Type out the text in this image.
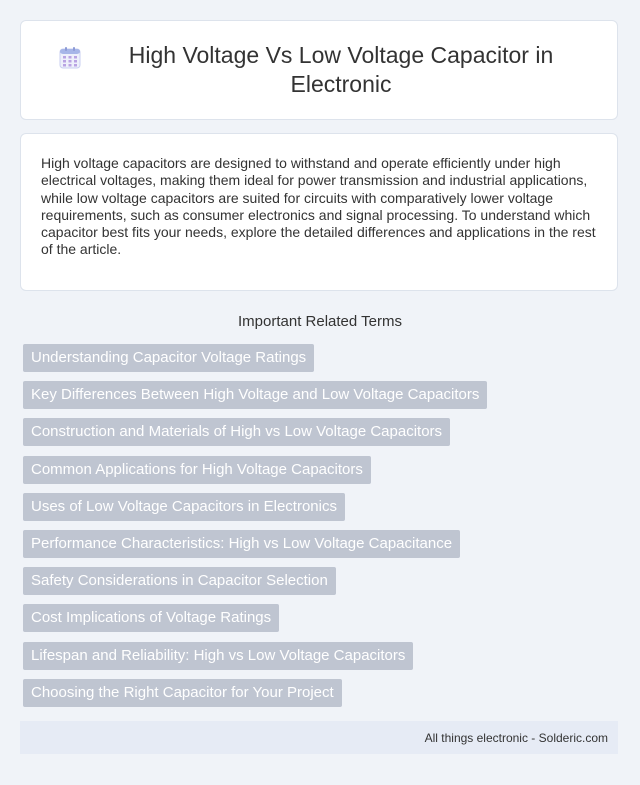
High Voltage Vs Low Voltage Capacitor in Electronic

High voltage capacitors are designed to withstand and operate efficiently under high electrical voltages, making them ideal for power transmission and industrial applications, while low voltage capacitors are suited for circuits with comparatively lower voltage requirements, such as consumer electronics and signal processing. To understand which capacitor best fits your needs, explore the detailed differences and applications in the rest of the article.

Important Related Terms
Understanding Capacitor Voltage Ratings
Key Differences Between High Voltage and Low Voltage Capacitors
Construction and Materials of High vs Low Voltage Capacitors
Common Applications for High Voltage Capacitors
Uses of Low Voltage Capacitors in Electronics
Performance Characteristics: High vs Low Voltage Capacitance
Safety Considerations in Capacitor Selection
Cost Implications of Voltage Ratings
Lifespan and Reliability: High vs Low Voltage Capacitors
Choosing the Right Capacitor for Your Project
All things electronic - Solderic.com
